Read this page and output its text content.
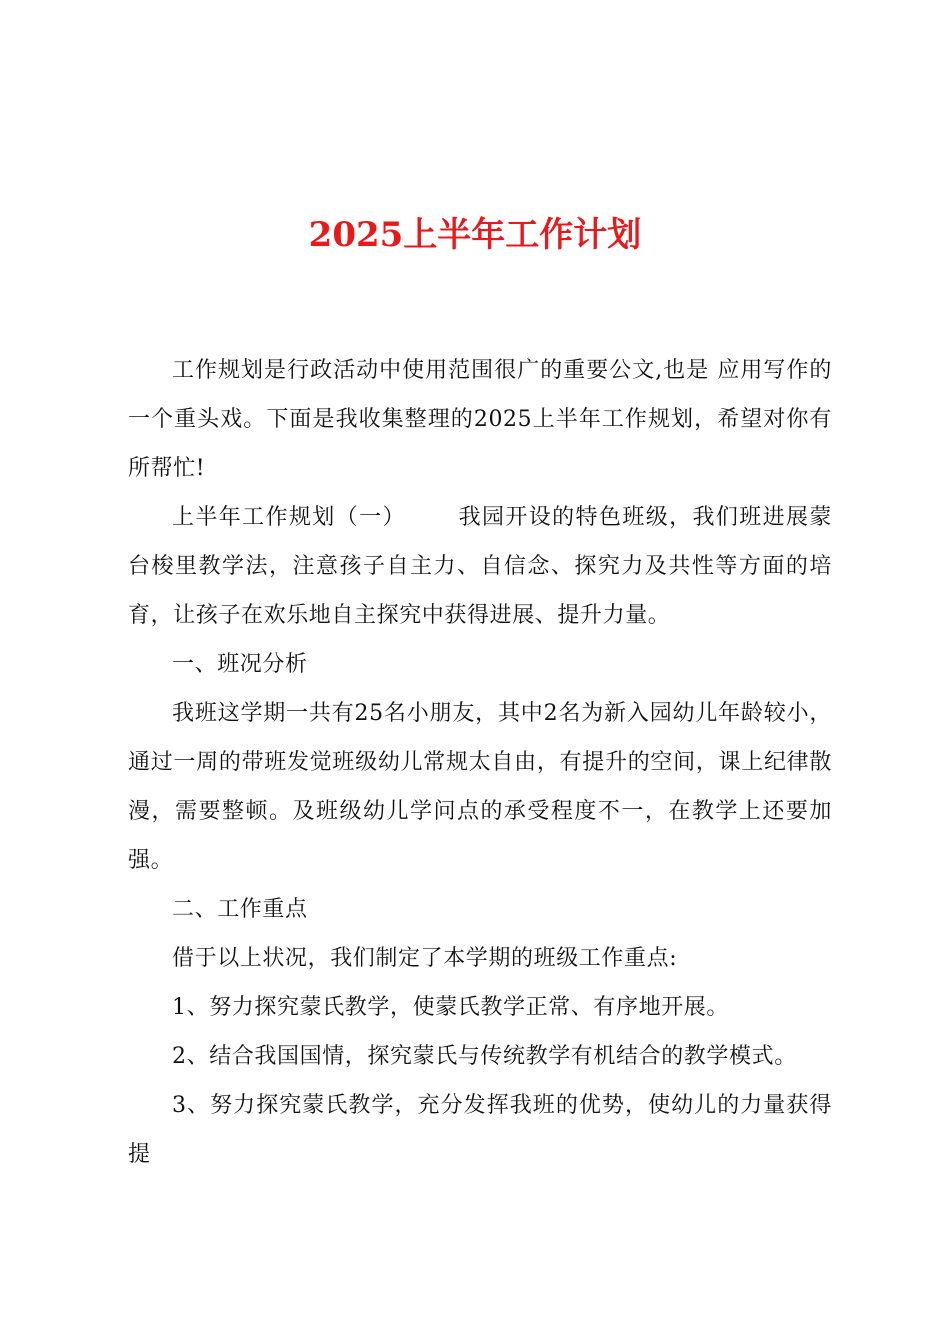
2025上半年工作计划

工作规划是行政活动中使用范围很广的重要公文,也是 应用写作的一个重头戏。下面是我收集整理的2025上半年工作规划，希望对你有所帮忙!

上半年工作规划（一） 我园开设的特色班级，我们班进展蒙台梭里教学法，注意孩子自主力、自信念、探究力及共性等方面的培育，让孩子在欢乐地自主探究中获得进展、提升力量。

一、班况分析

我班这学期一共有25名小朋友，其中2名为新入园幼儿年龄较小，通过一周的带班发觉班级幼儿常规太自由，有提升的空间，课上纪律散漫，需要整顿。及班级幼儿学问点的承受程度不一，在教学上还要加强。

二、工作重点

借于以上状况，我们制定了本学期的班级工作重点:

1、努力探究蒙氏教学，使蒙氏教学正常、有序地开展。

2、结合我国国情，探究蒙氏与传统教学有机结合的教学模式。

3、努力探究蒙氏教学，充分发挥我班的优势，使幼儿的力量获得提
